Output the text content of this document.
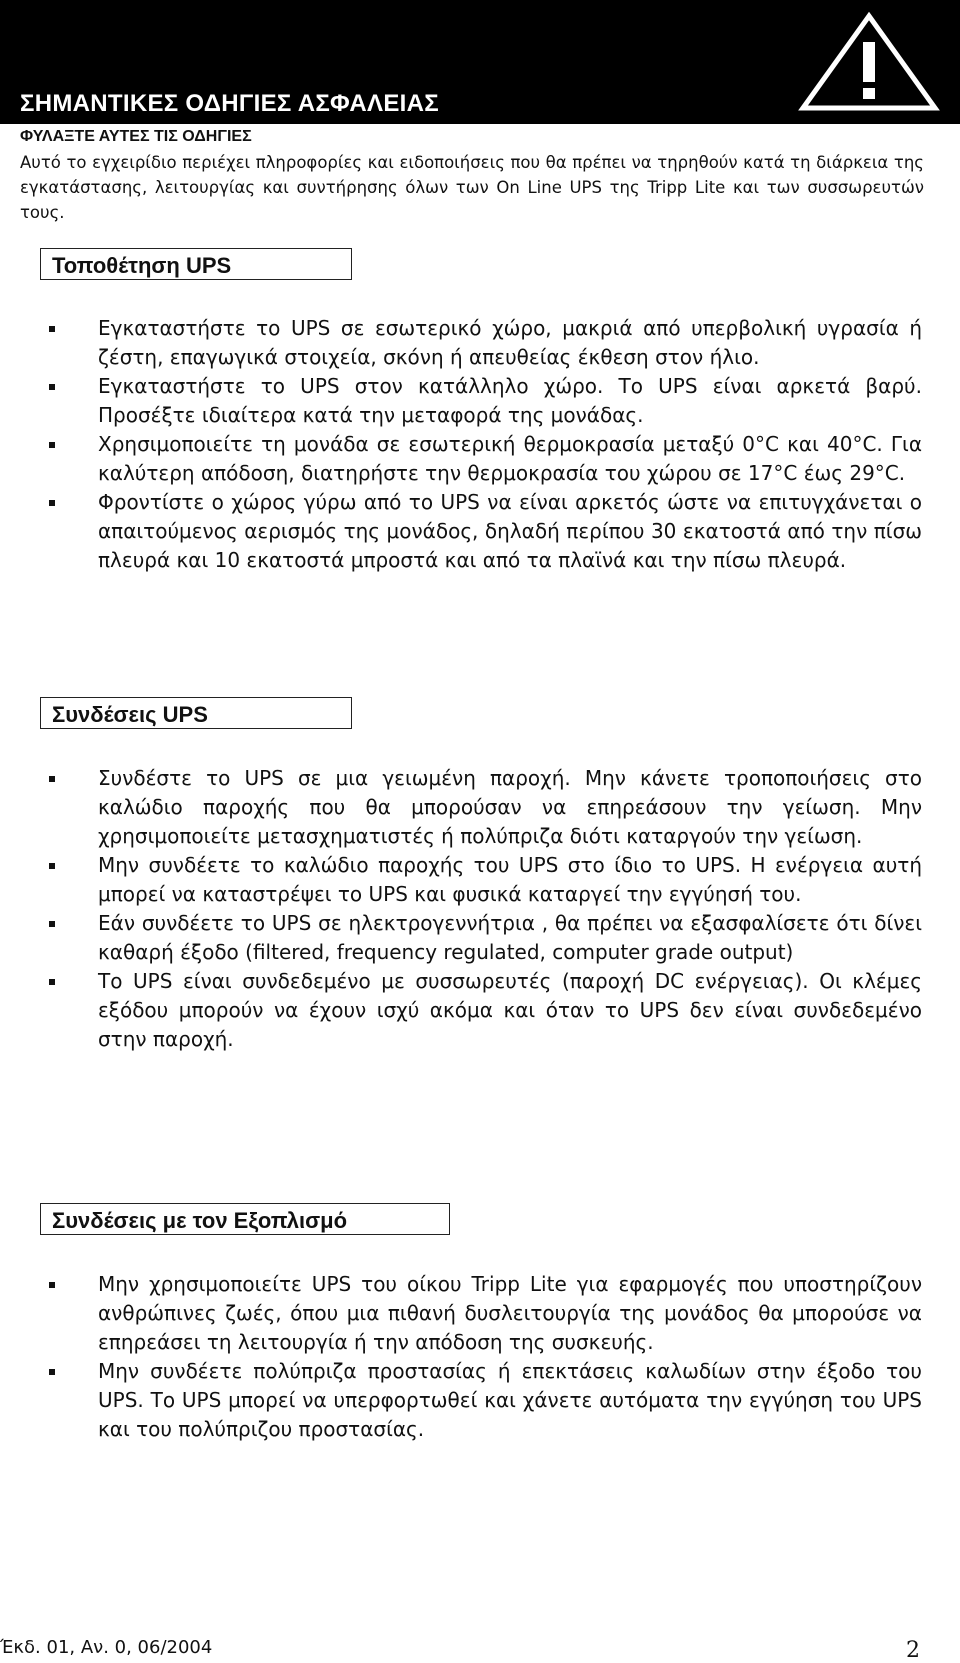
ΣΗΜΑΝΤΙΚΕΣ ΟΔΗΓΙΕΣ ΑΣΦΑΛΕΙΑΣ
ΦΥΛΑΞΤΕ ΑΥΤΕΣ ΤΙΣ ΟΔΗΓΙΕΣ
Αυτό το εγχειρίδιο περιέχει πληροφορίες και ειδοποιήσεις που θα πρέπει να τηρηθούν κατά τη διάρκεια της εγκατάστασης, λειτουργίας και συντήρησης όλων των On Line UPS της Tripp Lite και των συσσωρευτών τους.
Τοποθέτηση UPS
Εγκαταστήστε το UPS σε εσωτερικό χώρο, μακριά από υπερβολική υγρασία ή ζέστη, επαγωγικά στοιχεία, σκόνη ή απευθείας έκθεση στον ήλιο.
Εγκαταστήστε το UPS στον κατάλληλο χώρο. Το UPS είναι αρκετά βαρύ. Προσέξτε ιδιαίτερα κατά την μεταφορά της μονάδας.
Χρησιμοποιείτε τη μονάδα σε εσωτερική θερμοκρασία μεταξύ 0°C και 40°C. Για καλύτερη απόδοση, διατηρήστε την θερμοκρασία του χώρου σε 17°C έως 29°C.
Φροντίστε ο χώρος γύρω από το UPS να είναι αρκετός ώστε να επιτυγχάνεται ο απαιτούμενος αερισμός της μονάδος, δηλαδή περίπου 30 εκατοστά από την πίσω πλευρά και 10 εκατοστά μπροστά και από τα πλαϊνά και την πίσω πλευρά.
Συνδέσεις UPS
Συνδέστε το UPS σε μια γειωμένη παροχή. Μην κάνετε τροποποιήσεις στο καλώδιο παροχής που θα μπορούσαν να επηρεάσουν την γείωση. Μην χρησιμοποιείτε μετασχηματιστές ή πολύπριζα διότι καταργούν την γείωση.
Μην συνδέετε το καλώδιο παροχής του UPS στο ίδιο το UPS. Η ενέργεια αυτή μπορεί να καταστρέψει το UPS και φυσικά καταργεί την εγγύησή του.
Εάν συνδέετε το UPS σε ηλεκτρογεννήτρια , θα πρέπει να εξασφαλίσετε ότι δίνει καθαρή έξοδο (filtered, frequency regulated, computer grade output)
Το UPS είναι συνδεδεμένο με συσσωρευτές (παροχή DC ενέργειας). Οι κλέμες εξόδου μπορούν να έχουν ισχύ ακόμα και όταν το UPS δεν είναι συνδεδεμένο στην παροχή.
Συνδέσεις με τον Εξοπλισμό
Μην χρησιμοποιείτε UPS του οίκου Tripp Lite για εφαρμογές που υποστηρίζουν ανθρώπινες ζωές, όπου μια πιθανή δυσλειτουργία της μονάδος θα μπορούσε να επηρεάσει τη λειτουργία ή την απόδοση της συσκευής.
Μην συνδέετε πολύπριζα προστασίας ή επεκτάσεις καλωδίων στην έξοδο του UPS. Το UPS μπορεί να υπερφορτωθεί και χάνετε αυτόματα την εγγύηση του UPS και του πολύπριζου προστασίας.
Έκδ. 01, Αν. 0, 06/2004	2
